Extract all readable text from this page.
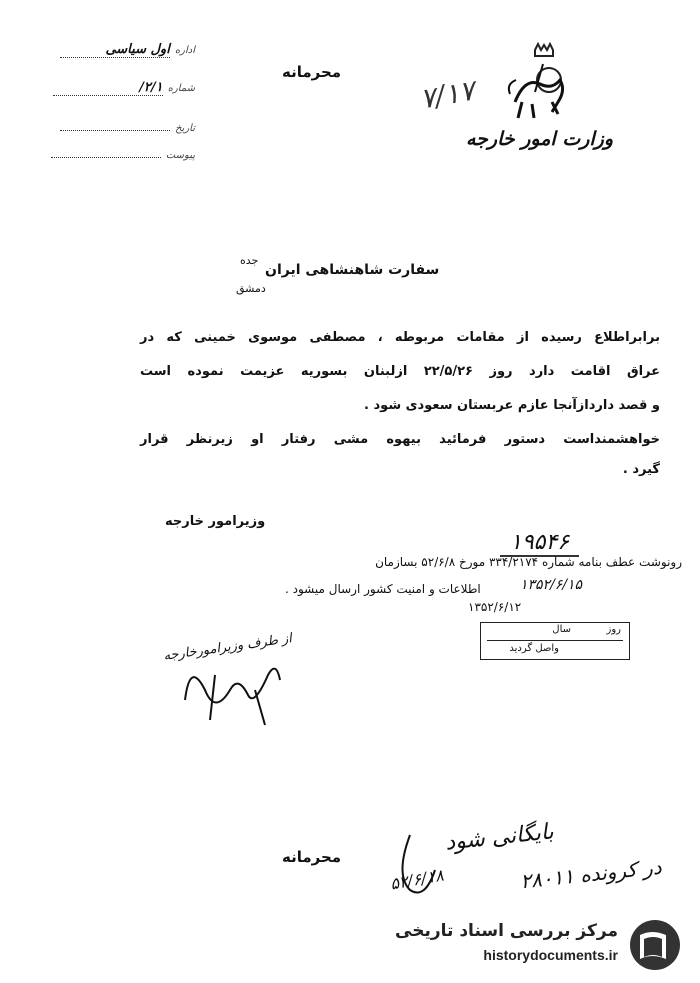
محرمانه
اداره اول سیاسی
شماره ۲/۱/
تاریخ
پیوست
وزارت امور خارجه
۷/۱۷
سفارت شاهنشاهی ایران
جده
دمشق
برابراطلاع رسیده از مقامات مربوطه ، مصطفی موسوی خمینی که در
عراق اقامت دارد روز ۲۲/۵/۲۶ ازلبنان بسوریه عزیمت نموده است
و قصد داردازآنجا عازم عربستان سعودی شود .
خواهشمنداست دستور فرمائید بیهوه مشی رفتار او زیرنظر قرار
گیرد .
وزیرامور خارجه
۱۹۵۴۶
رونوشت عطف بنامه شماره ۳۳۴/۲۱۷۴ مورخ ۵۲/۶/۸ بسازمان
اطلاعات و امنیت کشور ارسال میشود .	۱۳۵۲/۶/۱۵
۱۳۵۲/۶/۱۲
روز
سال
واصل گردید
از طرف وزیرامورخارجه
بایگانی شود
در کرونده ۲۸۰۱۱
۵۲/۶/۱۸
محرمانه
مرکز بررسی اسناد تاریخی
historydocuments.ir
